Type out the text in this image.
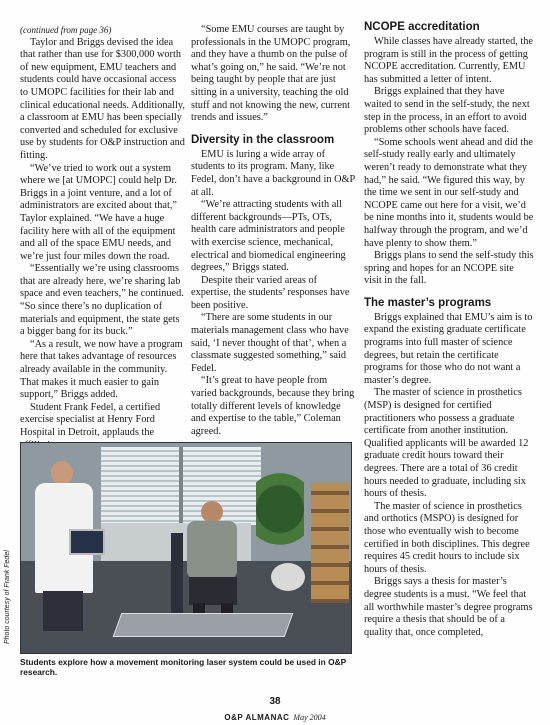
(continued from page 36)

Taylor and Briggs devised the idea that rather than use for $300,000 worth of new equipment, EMU teachers and students could have occasional access to UMOPC facilities for their lab and clinical educational needs. Additionally, a classroom at EMU has been specially converted and scheduled for exclusive use by students for O&P instruction and fitting.

“We’ve tried to work out a system where we [at UMOPC] could help Dr. Briggs in a joint venture, and a lot of administrators are excited about that,” Taylor explained. “We have a huge facility here with all of the equipment and all of the space EMU needs, and we’re just four miles down the road.

“Essentially we’re using classrooms that are already here, we’re sharing lab space and even teachers,” he continued. “So since there’s no duplication of materials and equipment, the state gets a bigger bang for its buck.”

“As a result, we now have a program here that takes advantage of resources already available in the community. That makes it much easier to gain support,” Briggs added.

Student Frank Fedel, a certified exercise specialist at Henry Ford Hospital in Detroit, applauds the

“Some EMU courses are taught by professionals in the UMOPC program, and they have a thumb on the pulse of what’s going on,” he said. “We’re not being taught by people that are just sitting in a university, teaching the old stuff and not knowing the new, current trends and issues.”

Diversity in the classroom

EMU is luring a wide array of students to its program. Many, like Fedel, don’t have a background in O&P at all.

“We’re attracting students with all different backgrounds—PTs, OTs, health care administrators and people with exercise science, mechanical, electrical and biomedical engineering degrees,” Briggs stated.

Despite their varied areas of expertise, the students’ responses have been positive.

“There are some students in our materials management class who have said, ‘I never thought of that’, when a classmate suggested something,” said Fedel.

“It’s great to have people from varied backgrounds, because they bring totally different levels of knowledge and expertise to the table,” Coleman agreed.

NCOPE accreditation

While classes have already started, the program is still in the process of getting NCOPE accreditation. Currently, EMU has submitted a letter of intent.

Briggs explained that they have waited to send in the self-study, the next step in the process, in an effort to avoid problems other schools have faced.

“Some schools went ahead and did the self-study really early and ultimately weren’t ready to demonstrate what they had,” he said. “We figured this way, by the time we sent in our self-study and NCOPE came out here for a visit, we’d be nine months into it, students would be halfway through the program, and we’d have plenty to show them.”

Briggs plans to send the self-study this spring and hopes for an NCOPE site visit in the fall.

The master’s programs

Briggs explained that EMU’s aim is to expand the existing graduate certificate programs into full master of science degrees, but retain the certificate programs for those who do not want a master’s degree.

The master of science in prosthetics (MSP) is designed for certified practitioners who possess a graduate certificate from another institution. Qualified applicants will be awarded 12 graduate credit hours toward their degrees. There are a total of 36 credit hours needed to graduate, including six hours of thesis.

The master of science in prosthetics and orthotics (MSPO) is designed for those who eventually wish to become certified in both disciplines. This degree requires 45 credit hours to include six hours of thesis.

Briggs says a thesis for master’s degree students is a must. “We feel that all worthwhile master’s degree programs require a thesis that should be of a quality that, once completed,

Photo courtesy of Frank Fedel
Students explore how a movement monitoring laser system could be used in O&P research.
38
O&P ALMANAC May 2004
